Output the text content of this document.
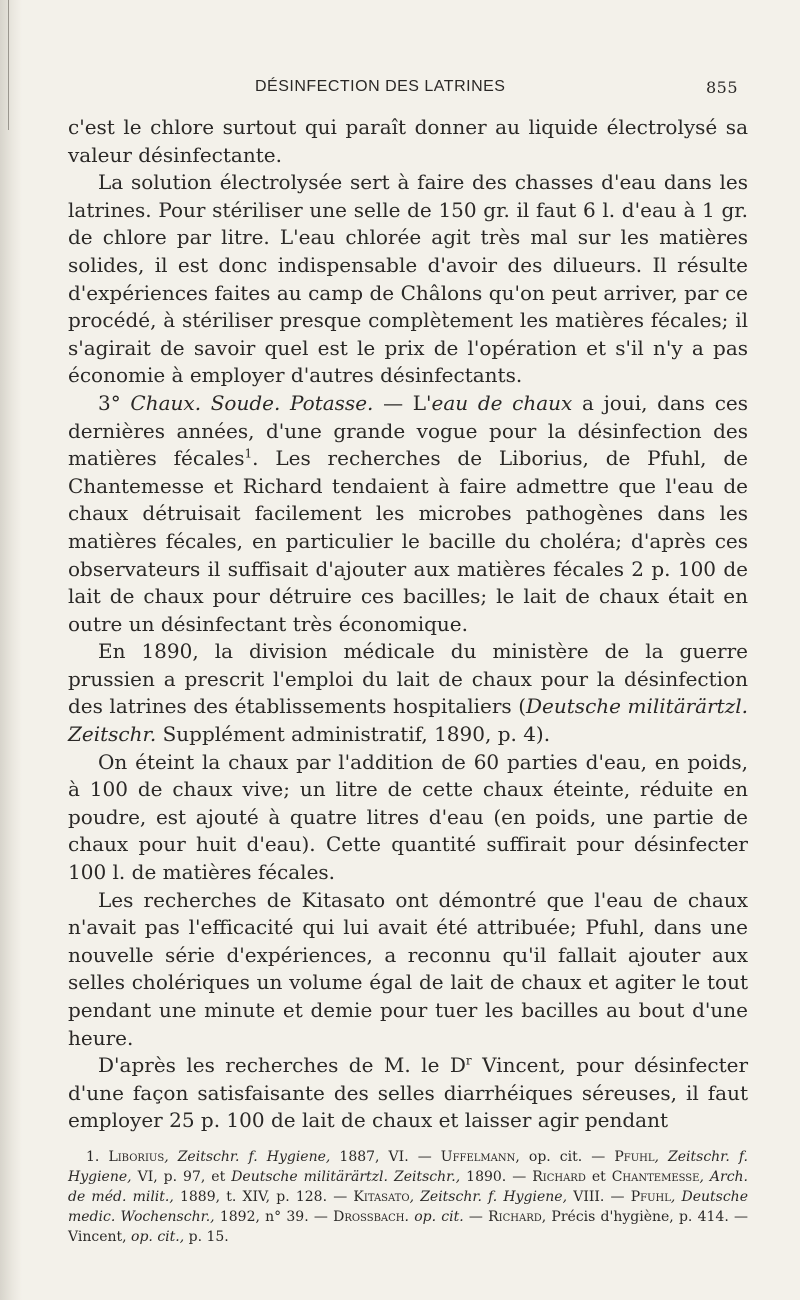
DÉSINFECTION DES LATRINES	855

c'est le chlore surtout qui paraît donner au liquide électrolysé sa valeur désinfectante.

La solution électrolysée sert à faire des chasses d'eau dans les latrines. Pour stériliser une selle de 150 gr. il faut 6 l. d'eau à 1 gr. de chlore par litre. L'eau chlorée agit très mal sur les matières solides, il est donc indispensable d'avoir des dilueurs. Il résulte d'expériences faites au camp de Châlons qu'on peut arriver, par ce procédé, à stériliser presque complètement les matières fécales; il s'agirait de savoir quel est le prix de l'opération et s'il n'y a pas économie à employer d'autres désinfectants.

3° Chaux. Soude. Potasse. — L'eau de chaux a joui, dans ces dernières années, d'une grande vogue pour la désinfection des matières fécales$^1$. Les recherches de Liborius, de Pfuhl, de Chantemesse et Richard tendaient à faire admettre que l'eau de chaux détruisait facilement les microbes pathogènes dans les matières fécales, en particulier le bacille du choléra; d'après ces observateurs il suffisait d'ajouter aux matières fécales 2 p. 100 de lait de chaux pour détruire ces bacilles; le lait de chaux était en outre un désinfectant très économique.

En 1890, la division médicale du ministère de la guerre prussien a prescrit l'emploi du lait de chaux pour la désinfection des latrines des établissements hospitaliers (Deutsche militärärtzl. Zeitschr. Supplément administratif, 1890, p. 4).

On éteint la chaux par l'addition de 60 parties d'eau, en poids, à 100 de chaux vive; un litre de cette chaux éteinte, réduite en poudre, est ajouté à quatre litres d'eau (en poids, une partie de chaux pour huit d'eau). Cette quantité suffirait pour désinfecter 100 l. de matières fécales.

Les recherches de Kitasato ont démontré que l'eau de chaux n'avait pas l'efficacité qui lui avait été attribuée; Pfuhl, dans une nouvelle série d'expériences, a reconnu qu'il fallait ajouter aux selles cholériques un volume égal de lait de chaux et agiter le tout pendant une minute et demie pour tuer les bacilles au bout d'une heure.

D'après les recherches de M. le $D^r$ Vincent, pour désinfecter d'une façon satisfaisante des selles diarrhéiques séreuses, il faut employer 25 p. 100 de lait de chaux et laisser agir pendant

1. Liborius, Zeitschr. f. Hygiene, 1887, VI. — Uffelmann, op. cit. — Pfuhl, Zeitschr. f. Hygiene, VI, p. 97, et Deutsche militärärtzl. Zeitschr., 1890. — Richard et Chantemesse, Arch. de méd. milit., 1889, t. XIV, p. 128. — Kitasato, Zeitschr. f. Hygiene, VIII. — Pfuhl, Deutsche medic. Wochenschr., 1892, n° 39. — Drossbach. op. cit. — Richard, Précis d'hygiène, p. 414. — Vincent, op. cit., p. 15.
